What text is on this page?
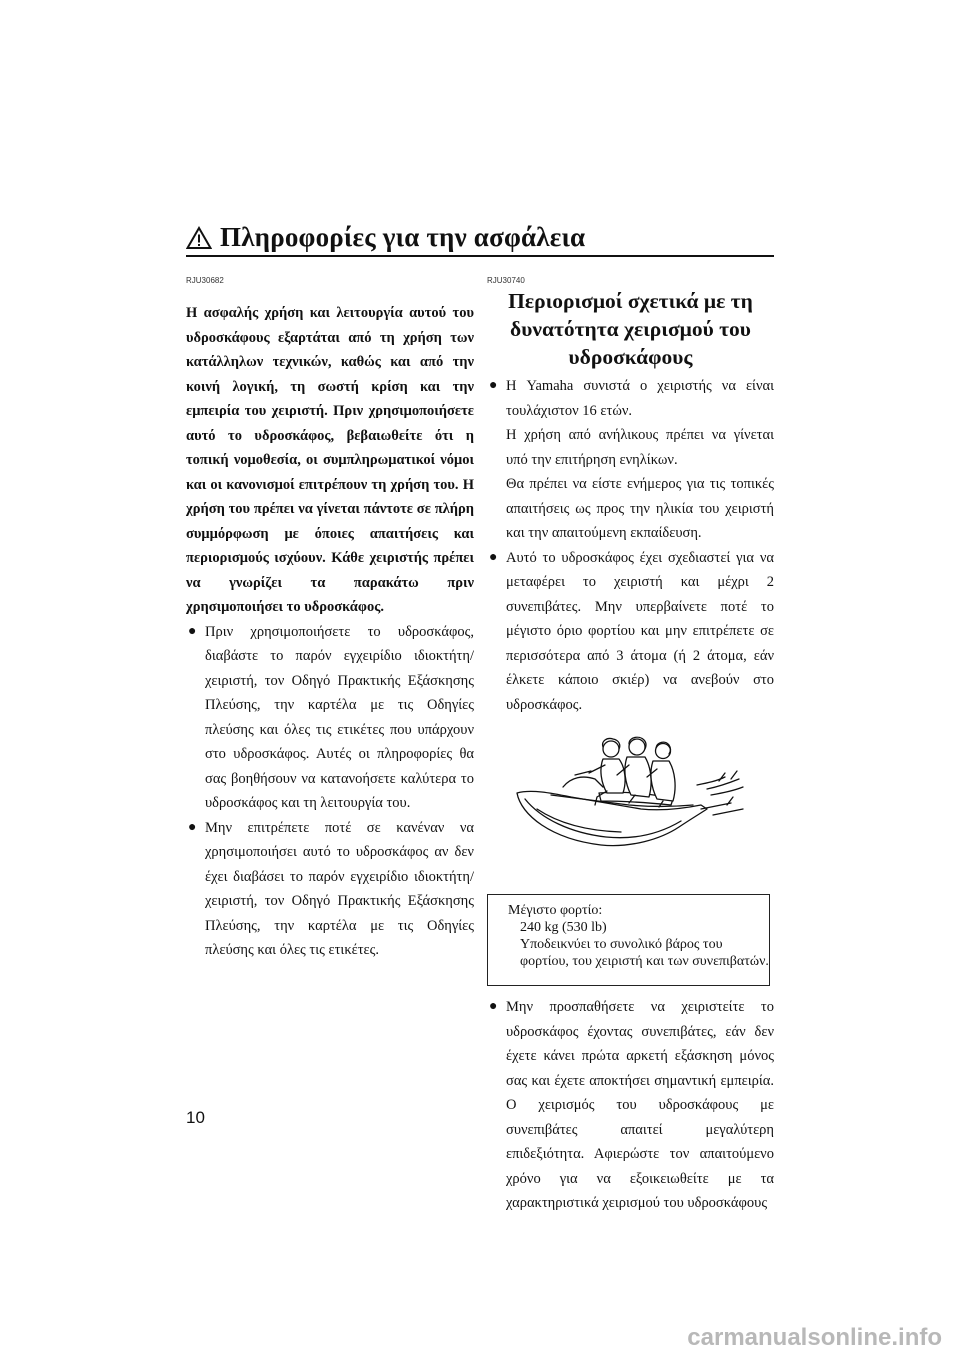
Πληροφορίες για την ασφάλεια
RJU30682

Η ασφαλής χρήση και λειτουργία αυτού του υδροσκάφους εξαρτάται από τη χρήση των κατάλληλων τεχνικών, καθώς και από την κοινή λογική, τη σωστή κρίση και την εμπειρία του χειριστή. Πριν χρησιμοποιήσετε αυτό το υδροσκάφος, βεβαιωθείτε ότι η τοπική νομοθεσία, οι συμπληρωματικοί νόμοι και οι κανονισμοί επιτρέπουν τη χρήση του. Η χρήση του πρέπει να γίνεται πάντοτε σε πλήρη συμμόρφωση με όποιες απαιτήσεις και περιορισμούς ισχύουν. Κάθε χειριστής πρέπει να γνωρίζει τα παρακάτω πριν χρησιμοποιήσει το υδροσκάφος.

● Πριν χρησιμοποιήσετε το υδροσκάφος, διαβάστε το παρόν εγχειρίδιο ιδιοκτήτη/χειριστή, τον Οδηγό Πρακτικής Εξάσκησης Πλεύσης, την καρτέλα με τις Οδηγίες πλεύσης και όλες τις ετικέτες που υπάρχουν στο υδροσκάφος. Αυτές οι πληροφορίες θα σας βοηθήσουν να κατανοήσετε καλύτερα το υδροσκάφος και τη λειτουργία του.

● Μην επιτρέπετε ποτέ σε κανέναν να χρησιμοποιήσει αυτό το υδροσκάφος αν δεν έχει διαβάσει το παρόν εγχειρίδιο ιδιοκτήτη/χειριστή, τον Οδηγό Πρακτικής Εξάσκησης Πλεύσης, την καρτέλα με τις Οδηγίες πλεύσης και όλες τις ετικέτες.

RJU30740
Περιορισμοί σχετικά με τη
δυνατότητα χειρισμού του
υδροσκάφους
● Η Yamaha συνιστά ο χειριστής να είναι τουλάχιστον 16 ετών.

Η χρήση από ανήλικους πρέπει να γίνεται υπό την επιτήρηση ενηλίκων.

Θα πρέπει να είστε ενήμερος για τις τοπικές απαιτήσεις ως προς την ηλικία του χειριστή και την απαιτούμενη εκπαίδευση.

● Αυτό το υδροσκάφος έχει σχεδιαστεί για να μεταφέρει το χειριστή και μέχρι 2 συνεπιβάτες. Μην υπερβαίνετε ποτέ το μέγιστο όριο φορτίου και μην επιτρέπετε σε περισσότερα από 3 άτομα (ή 2 άτομα, εάν έλκετε κάποιο σκιέρ) να ανεβούν στο υδροσκάφος.

Μέγιστο φορτίο:
240 kg (530 lb)
Υποδεικνύει το συνολικό βάρος του φορτίου, του χειριστή και των συνεπιβατών.
● Μην προσπαθήσετε να χειριστείτε το υδροσκάφος έχοντας συνεπιβάτες, εάν δεν έχετε κάνει πρώτα αρκετή εξάσκηση μόνος σας και έχετε αποκτήσει σημαντική εμπειρία. Ο χειρισμός του υδροσκάφους με συνεπιβάτες απαιτεί μεγαλύτερη επιδεξιότητα. Αφιερώστε τον απαιτούμενο χρόνο για να εξοικειωθείτε με τα χαρακτηριστικά χειρισμού του υδροσκάφους

10
carmanualsonline.info
